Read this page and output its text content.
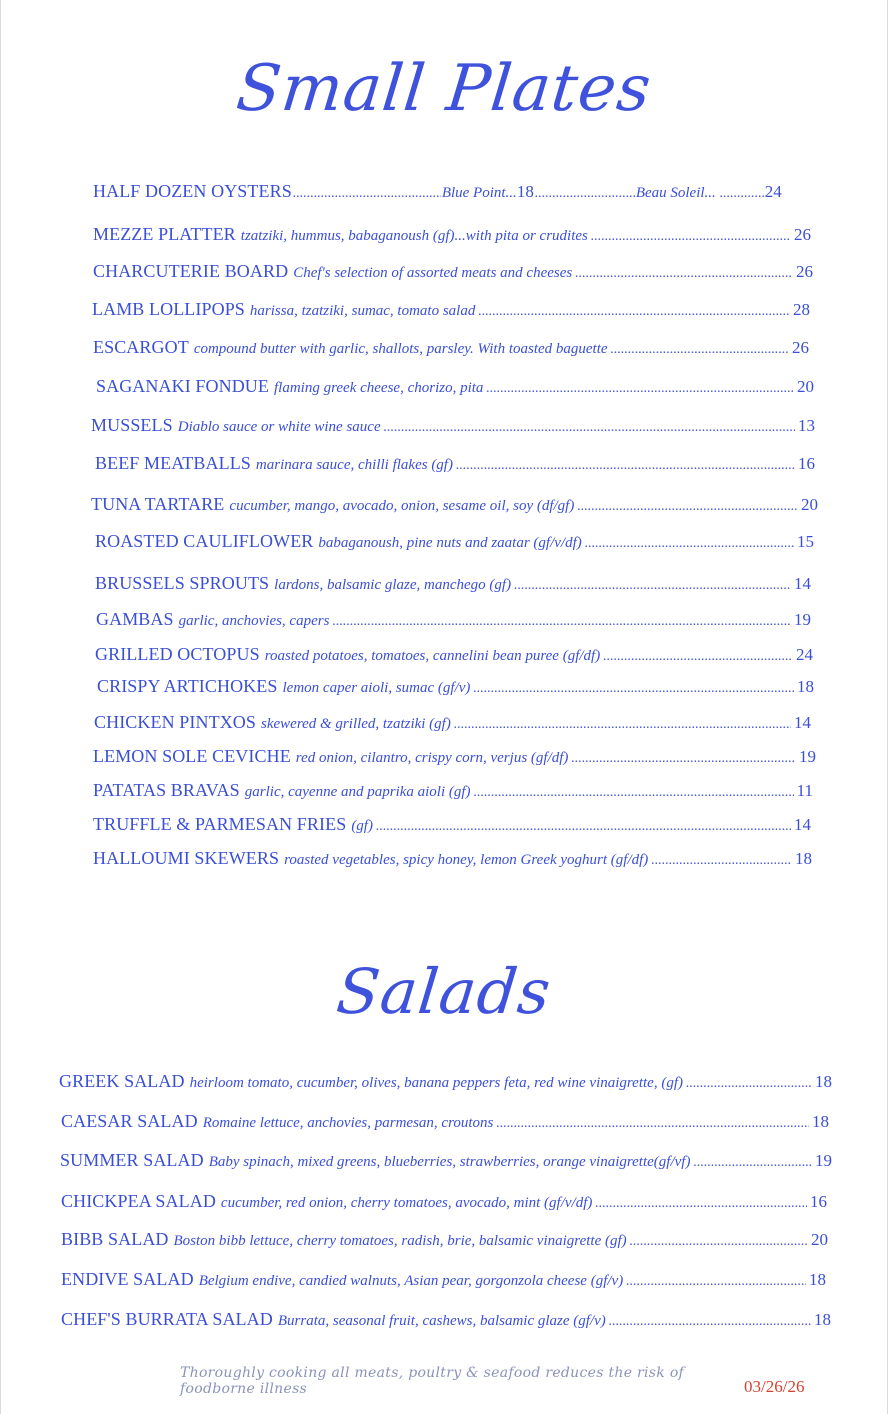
Small Plates
HALF DOZEN OYSTERS .....	Blue Point... 18 .....	Beau Soleil... .....	24
MEZZE PLATTER tzatziki, hummus, babaganoush (gf)...with pita or crudites .....	26
CHARCUTERIE BOARD Chef's selection of assorted meats and cheeses .....	26
LAMB LOLLIPOPS harissa, tzatziki, sumac, tomato salad .....	28
ESCARGOT compound butter with garlic, shallots, parsley. With toasted baguette .....	26
SAGANAKI FONDUE flaming greek cheese, chorizo, pita .....	20
MUSSELS Diablo sauce or white wine sauce .....	13
BEEF MEATBALLS marinara sauce, chilli flakes (gf) .....	16
TUNA TARTARE cucumber, mango, avocado, onion, sesame oil, soy (df/gf) .....	20
ROASTED CAULIFLOWER babaganoush, pine nuts and zaatar (gf/v/df) .....	15
BRUSSELS SPROUTS lardons, balsamic glaze, manchego (gf) .....	14
GAMBAS garlic, anchovies, capers .....	19
GRILLED OCTOPUS roasted potatoes, tomatoes, cannelini bean puree (gf/df) .....	24
CRISPY ARTICHOKES lemon caper aioli, sumac (gf/v) .....	18
CHICKEN PINTXOS skewered & grilled, tzatziki (gf) .....	14
LEMON SOLE CEVICHE red onion, cilantro, crispy corn, verjus (gf/df) .....	19
PATATAS BRAVAS garlic, cayenne and paprika aioli (gf) .....	11
TRUFFLE & PARMESAN FRIES (gf) .....	14
HALLOUMI SKEWERS roasted vegetables, spicy honey, lemon Greek yoghurt (gf/df) .....	18
Salads
GREEK SALAD heirloom tomato, cucumber, olives, banana peppers feta, red wine vinaigrette, (gf) .....	18
CAESAR SALAD Romaine lettuce, anchovies, parmesan, croutons .....	18
SUMMER SALAD Baby spinach, mixed greens, blueberries, strawberries, orange vinaigrette(gf/vf) .....	19
CHICKPEA SALAD cucumber, red onion, cherry tomatoes, avocado, mint (gf/v/df) .....	16
BIBB SALAD Boston bibb lettuce, cherry tomatoes, radish, brie, balsamic vinaigrette (gf) .....	20
ENDIVE SALAD Belgium endive, candied walnuts, Asian pear, gorgonzola cheese (gf/v) .....	18
CHEF'S BURRATA SALAD Burrata, seasonal fruit, cashews, balsamic glaze (gf/v) .....	18
Thoroughly cooking all meats, poultry & seafood reduces the risk of foodborne illness	03/26/26
